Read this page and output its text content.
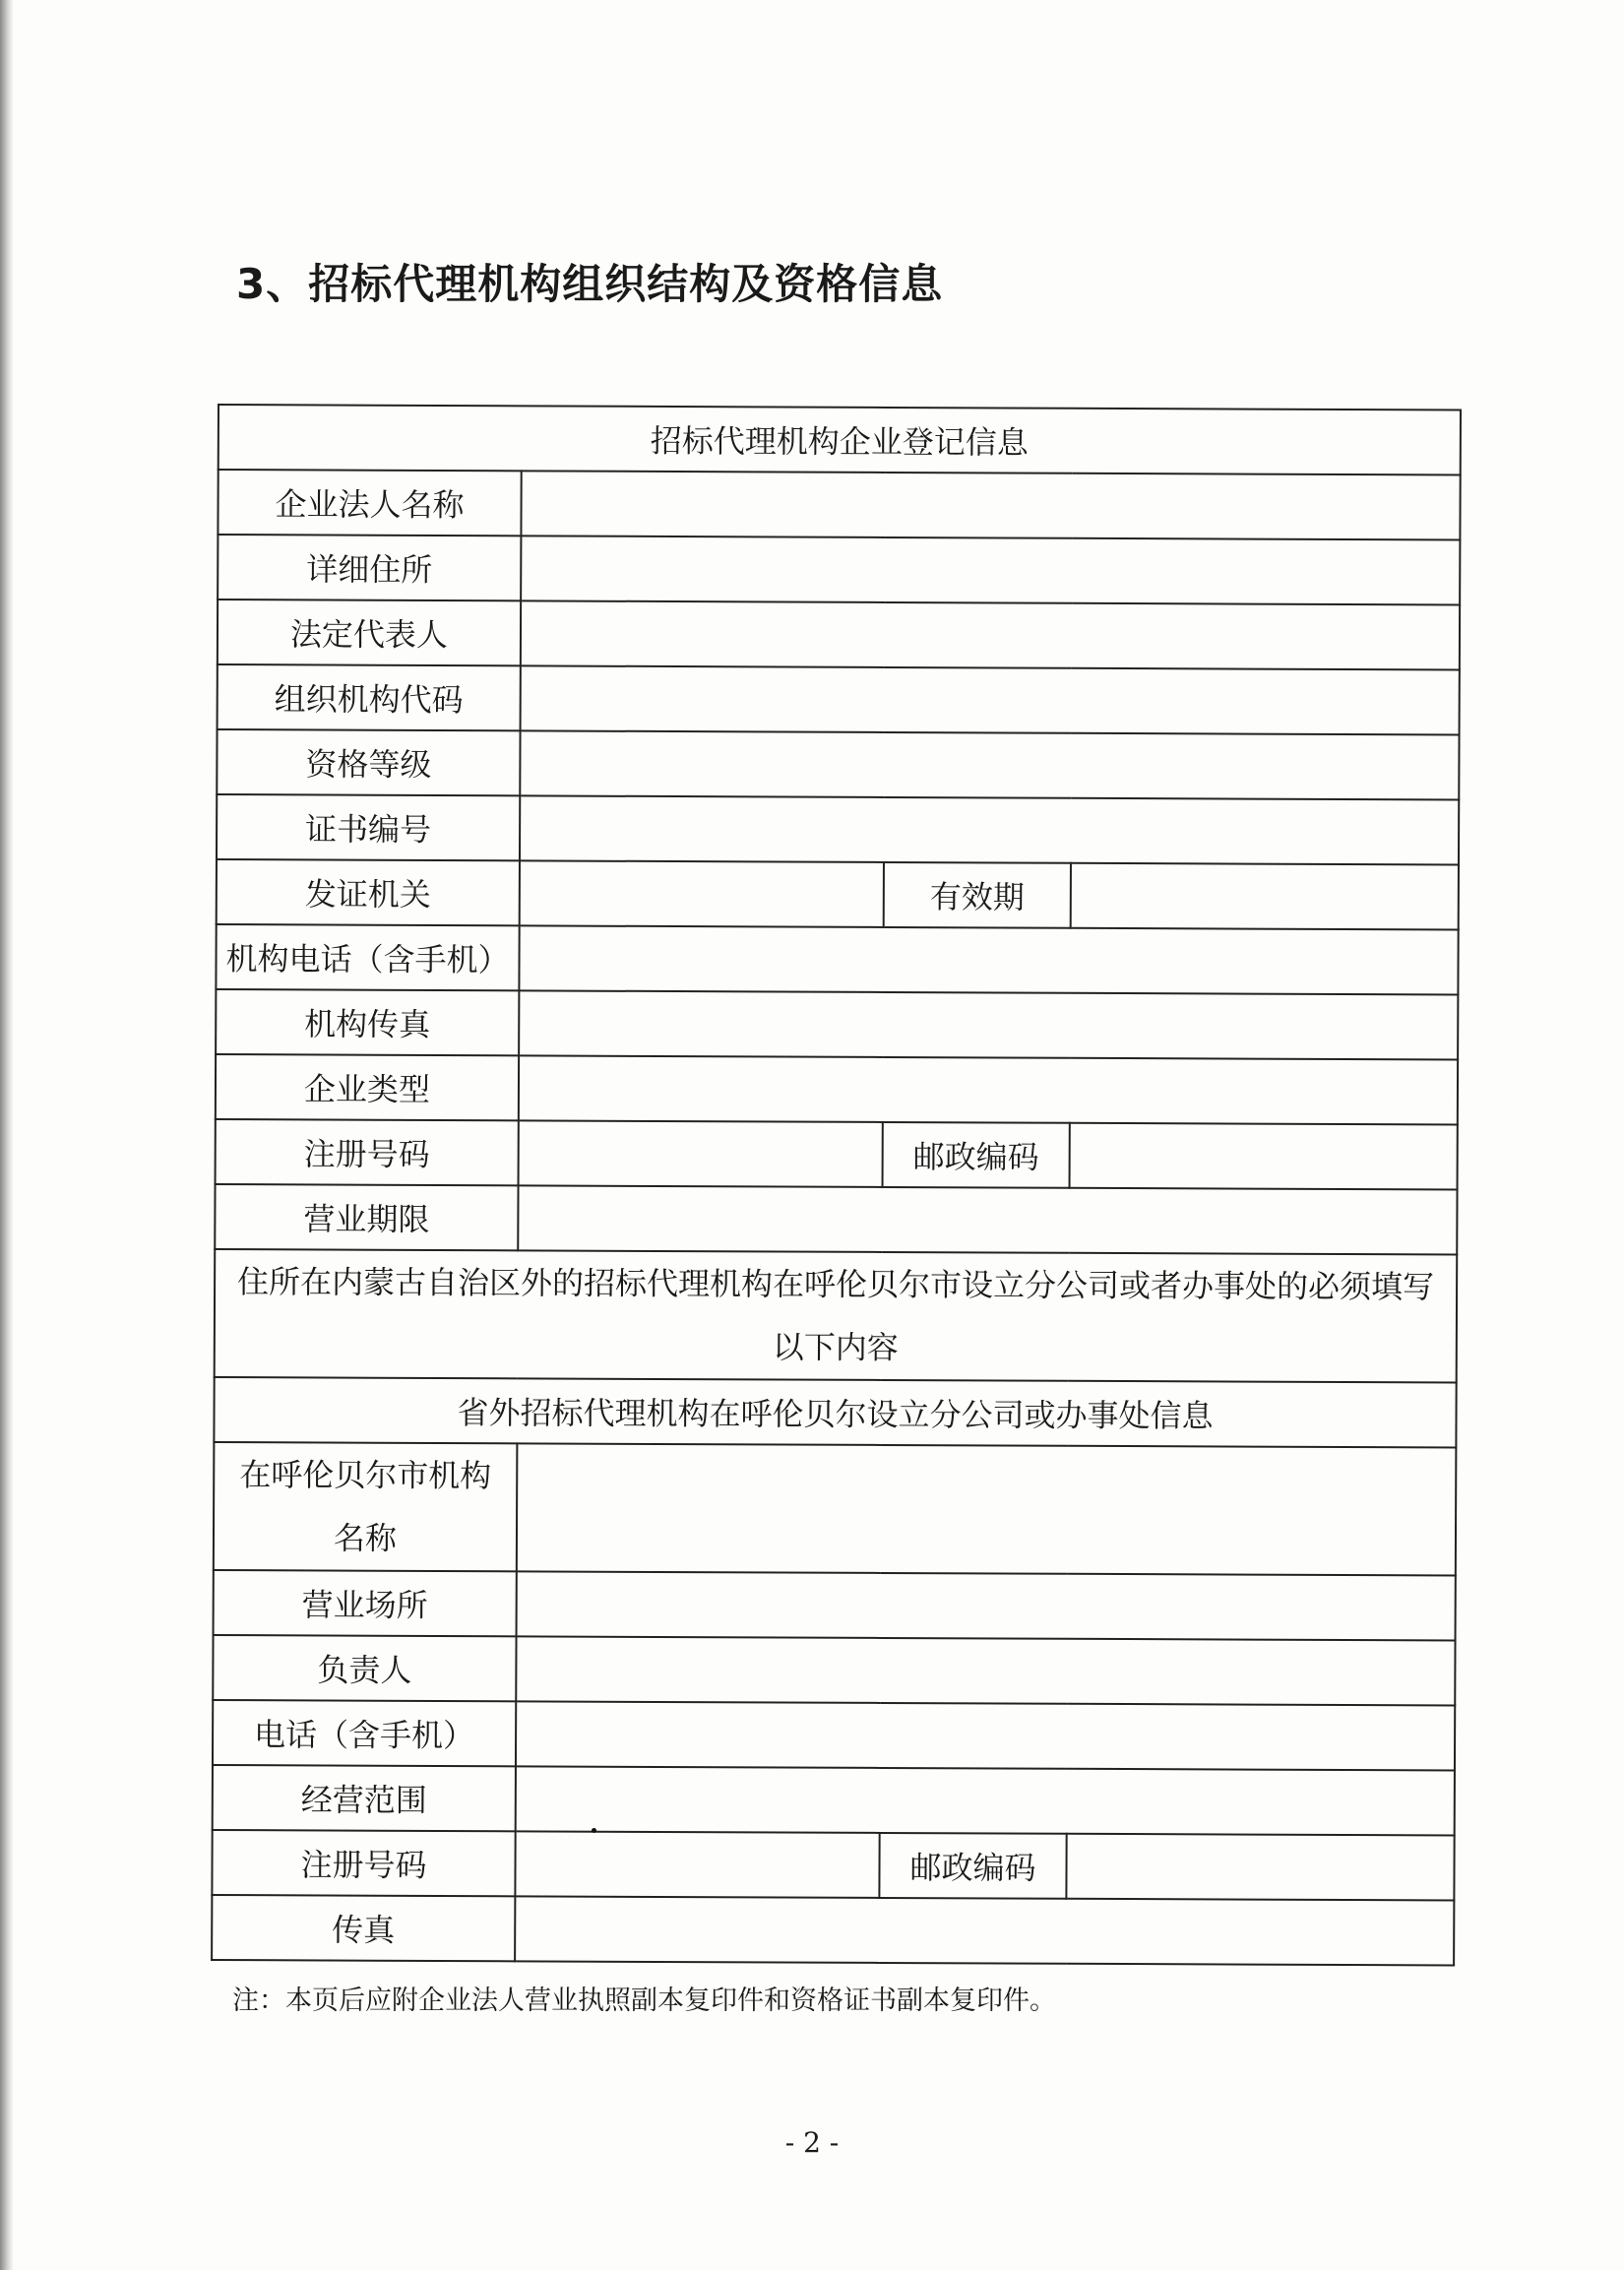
3、招标代理机构组织结构及资格信息
招标代理机构企业登记信息			
企业法人名称			
详细住所			
法定代表人			
组织机构代码			
资格等级			
证书编号			
发证机关		有效期	
机构电话（含手机）			
机构传真			
企业类型			
注册号码		邮政编码	
营业期限			
住所在内蒙古自治区外的招标代理机构在呼伦贝尔市设立分公司或者办事处的必须填写以下内容			
省外招标代理机构在呼伦贝尔设立分公司或办事处信息			
在呼伦贝尔市机构名称			
营业场所			
负责人			
电话（含手机）			
经营范围			
注册号码		邮政编码	
传真			
注：本页后应附企业法人营业执照副本复印件和资格证书副本复印件。
- 2 -
